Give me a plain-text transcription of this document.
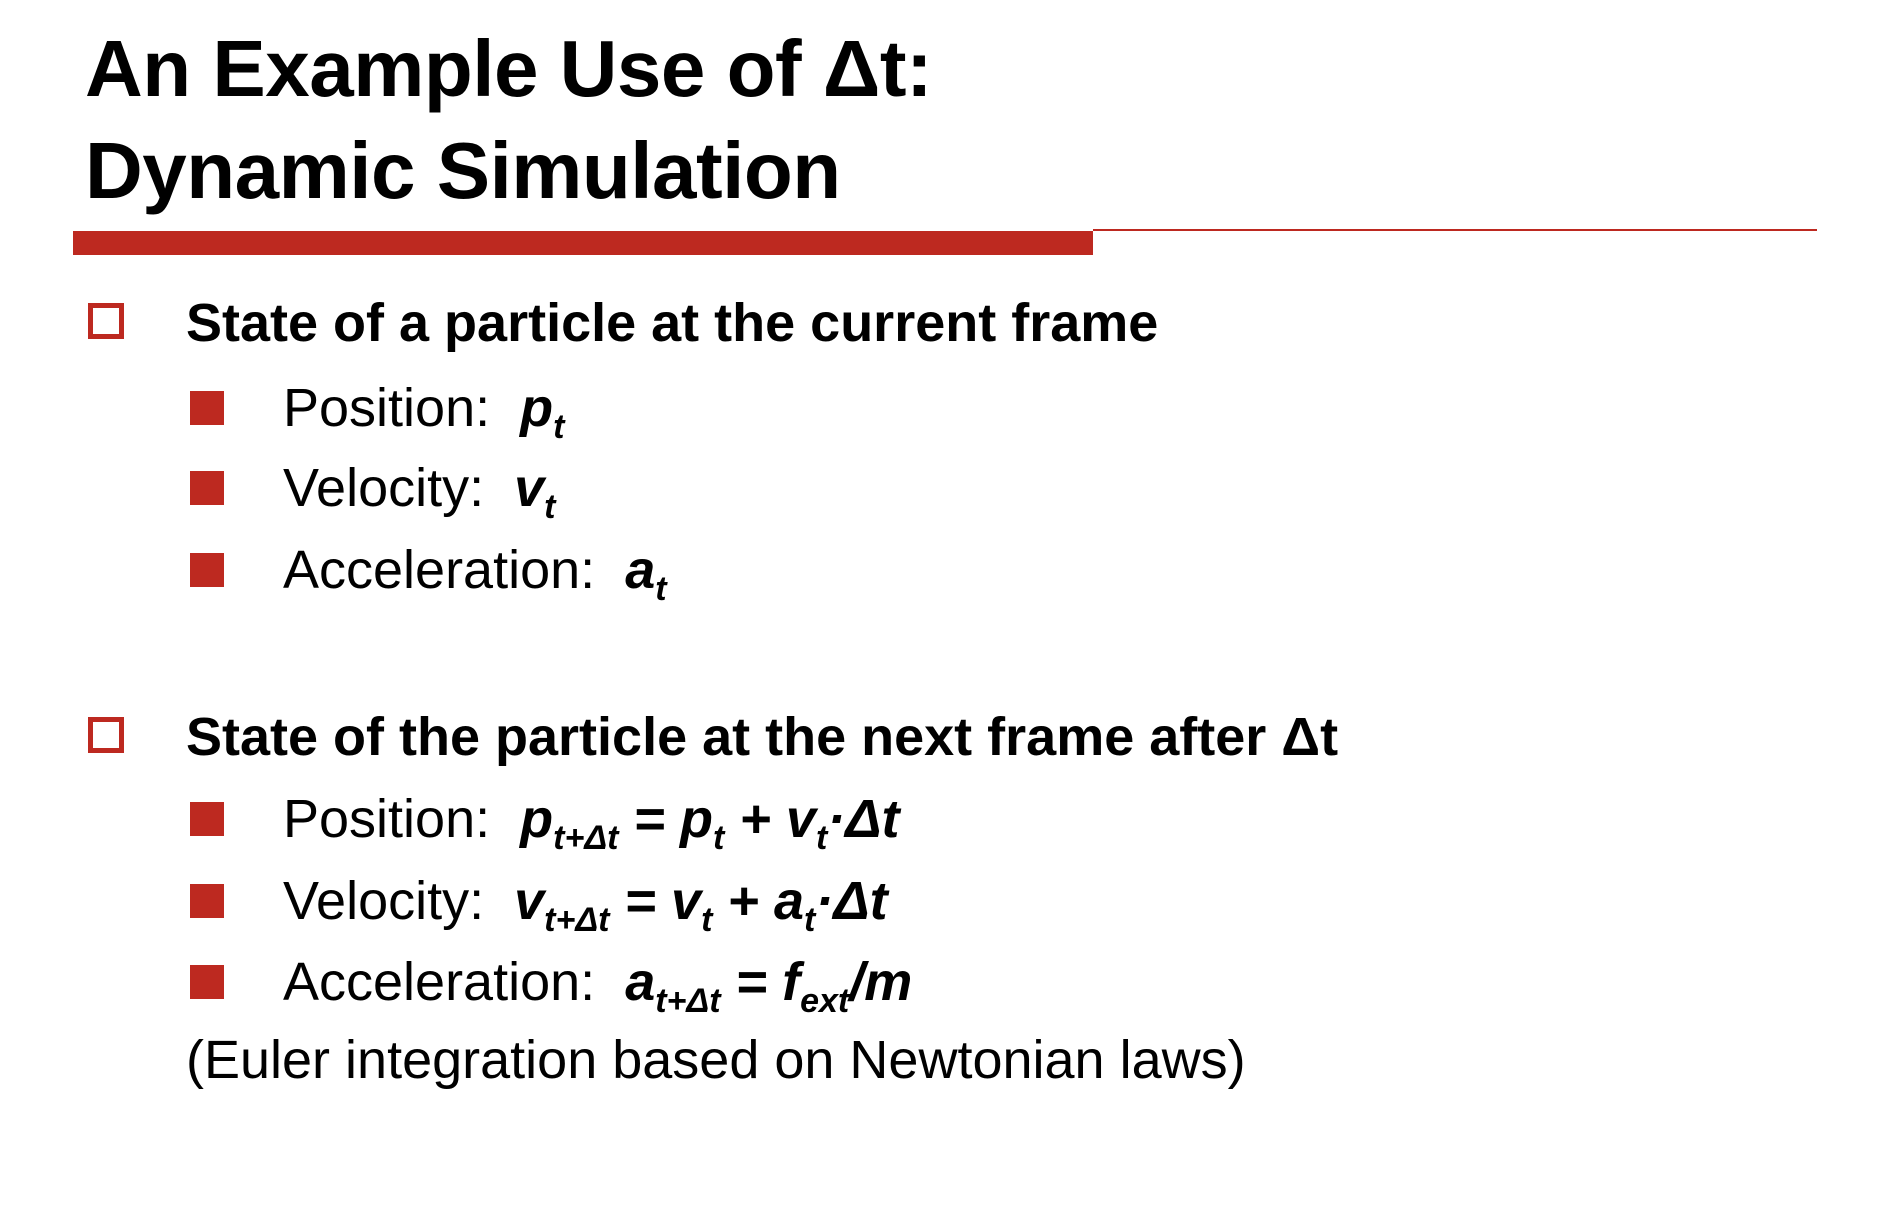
An Example Use of Δt:
Dynamic Simulation

State of a particle at the current frame

Position: $p_t$

Velocity: $v_t$

Acceleration: $a_t$

State of the particle at the next frame after Δt

Position: $p_{t+\Delta t} = p_t + v_t\cdot\Delta t$

Velocity: $v_{t+\Delta t} = v_t + a_t\cdot\Delta t$

Acceleration: $a_{t+\Delta t} = f_{ext}/m$

(Euler integration based on Newtonian laws)
